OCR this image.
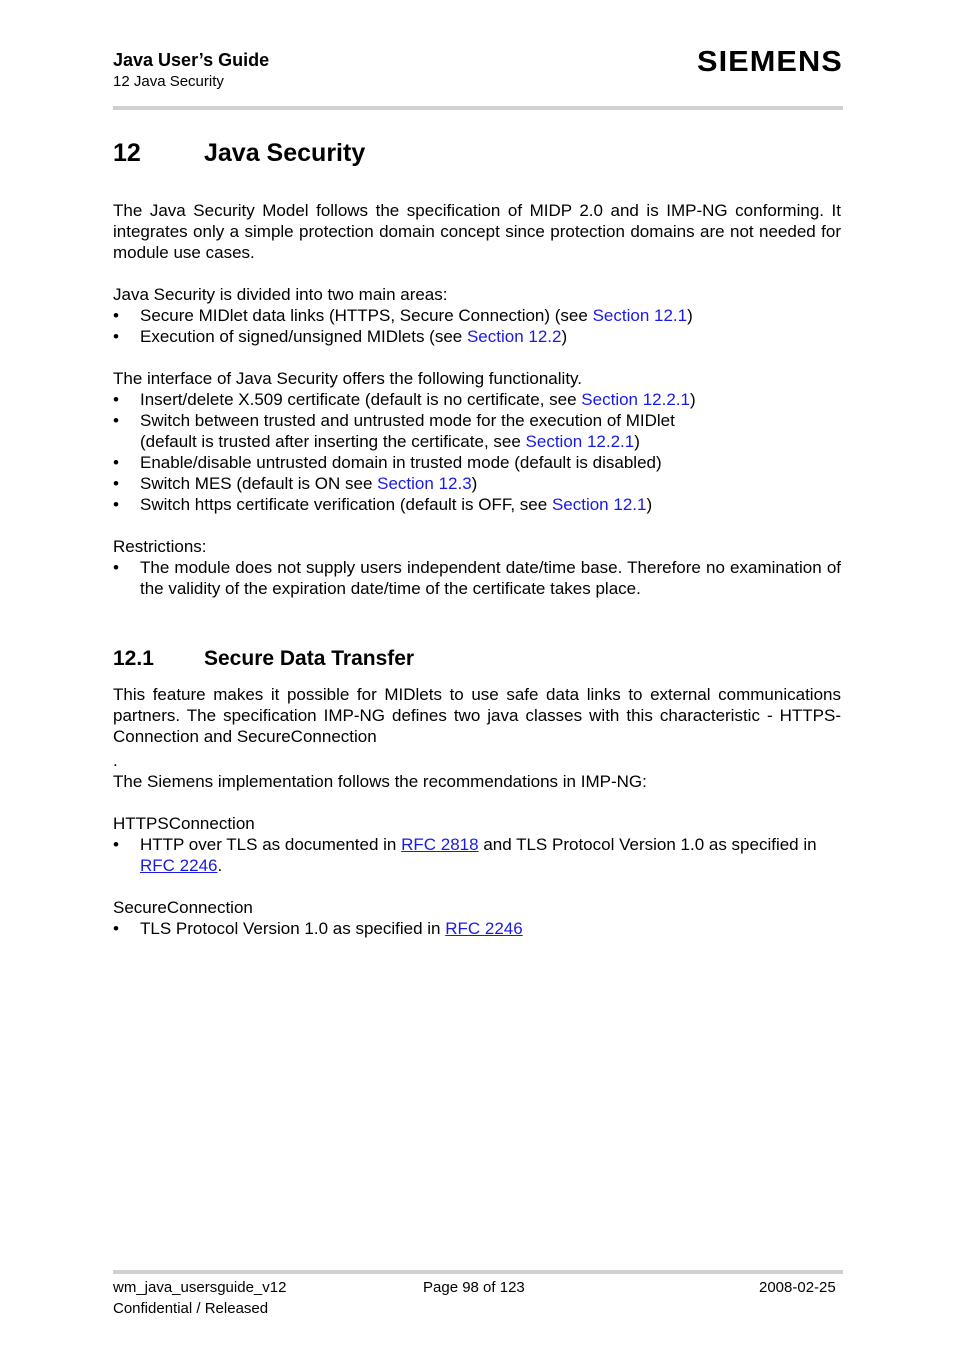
Java User’s Guide
12 Java Security
SIEMENS
12	Java Security

The Java Security Model follows the specification of MIDP 2.0 and is IMP-NG conforming. It integrates only a simple protection domain concept since protection domains are not needed for module use cases.

Java Security is divided into two main areas:

• Secure MIDlet data links (HTTPS, Secure Connection) (see Section 12.1)
• Execution of signed/unsigned MIDlets (see Section 12.2)

The interface of Java Security offers the following functionality.

• Insert/delete X.509 certificate (default is no certificate, see Section 12.2.1)
• Switch between trusted and untrusted mode for the execution of MIDlet (default is trusted after inserting the certificate, see Section 12.2.1)
• Enable/disable untrusted domain in trusted mode (default is disabled)
• Switch MES (default is ON see Section 12.3)
• Switch https certificate verification (default is OFF, see Section 12.1)

Restrictions:

• The module does not supply users independent date/time base. Therefore no examination of the validity of the expiration date/time of the certificate takes place.
12.1 Secure Data Transfer

This feature makes it possible for MIDlets to use safe data links to external communications partners. The specification IMP-NG defines two java classes with this characteristic - HTTPS-Connection and SecureConnection

.

The Siemens implementation follows the recommendations in IMP-NG:

HTTPSConnection

• HTTP over TLS as documented in RFC 2818 and TLS Protocol Version 1.0 as specified in RFC 2246.

SecureConnection

• TLS Protocol Version 1.0 as specified in RFC 2246
wm_java_usersguide_v12
Confidential / Released
Page 98 of 123	2008-02-25
